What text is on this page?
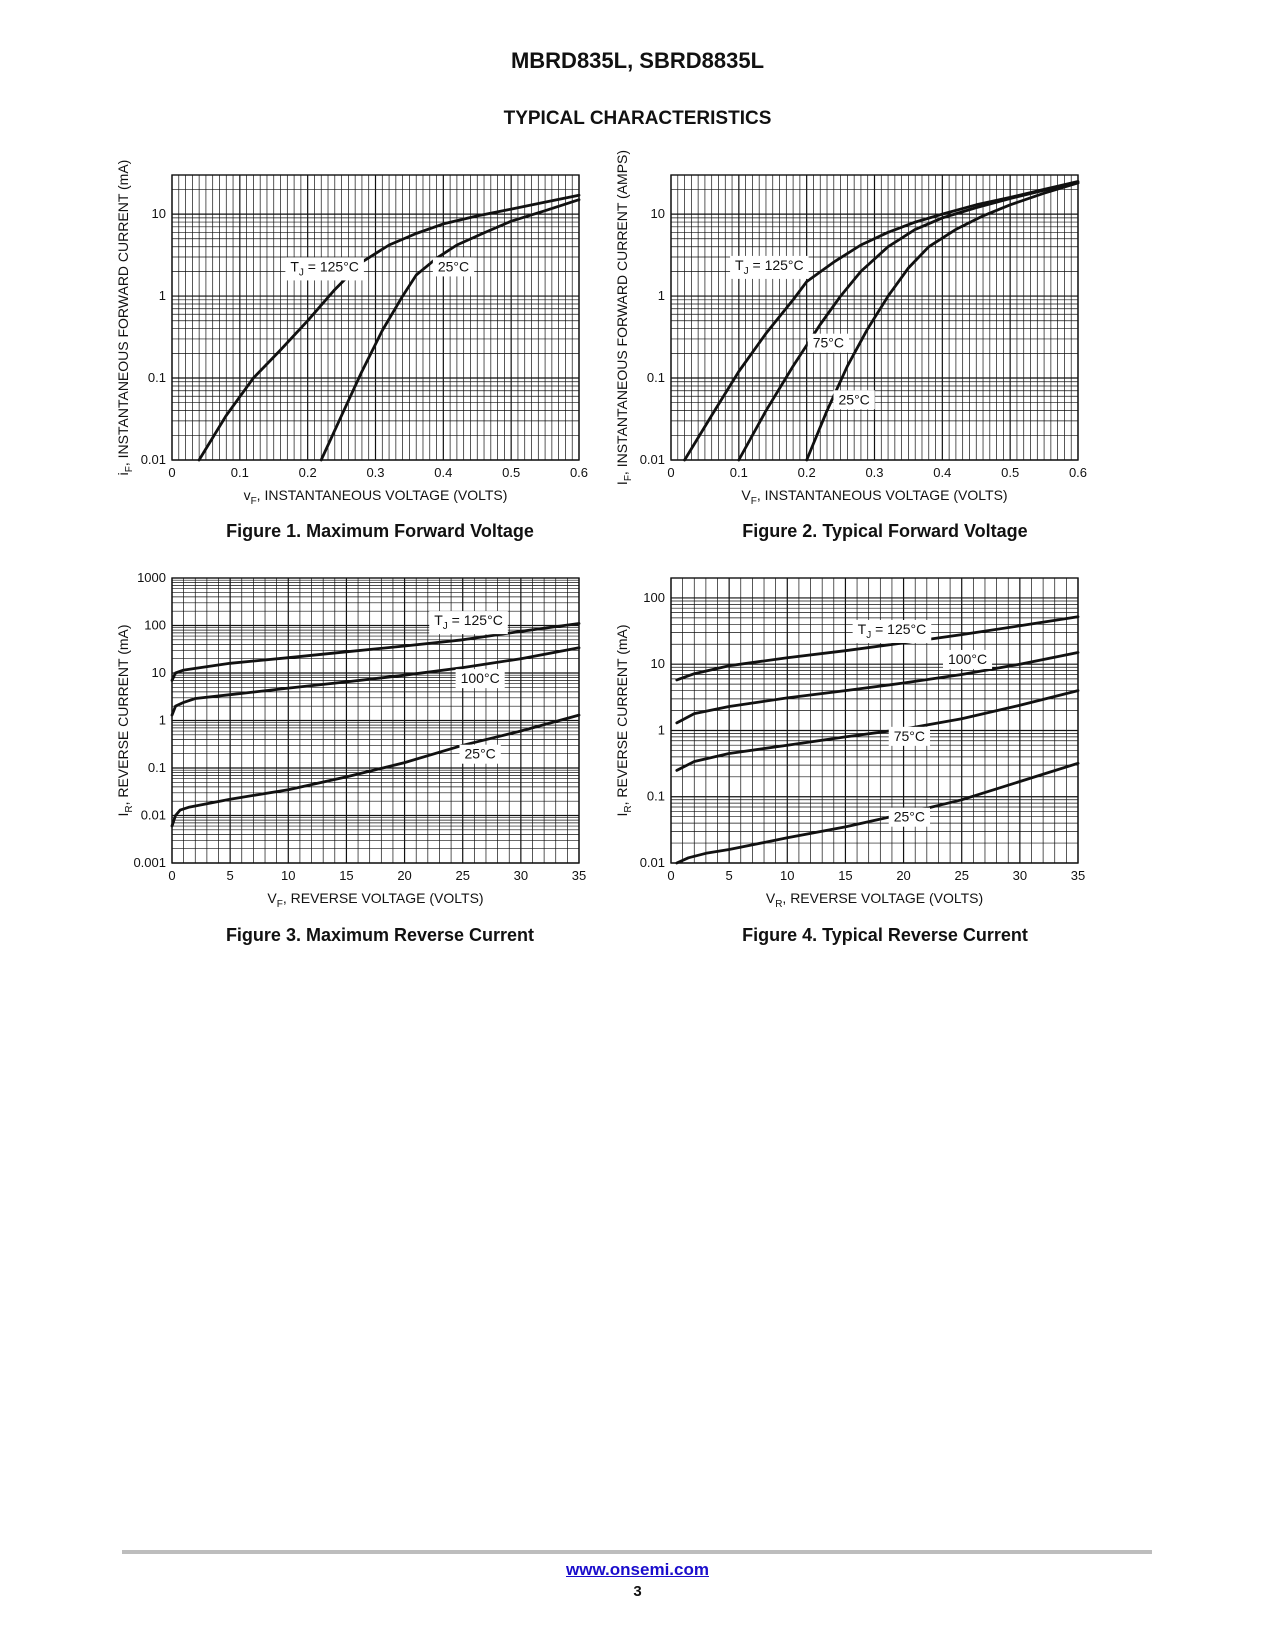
MBRD835L, SBRD8835L
TYPICAL CHARACTERISTICS
0	0.1	0.2	0.3	0.4	0.5	0.6
0.01
0.1
1
10
$v_F$, INSTANTANEOUS VOLTAGE (VOLTS)
$i_F$, INSTANTANEOUS FORWARD CURRENT (mA)	$T_J = 125^\circ C$	25°C
0	0.1	0.2	0.3	0.4	0.5	0.6
0.01
0.1
1
10
$V_F$, INSTANTANEOUS VOLTAGE (VOLTS)
$I_F$, INSTANTANEOUS FORWARD CURRENT (AMPS)	$T_J = 125^\circ C$
75°C
25°C
0	5	10	15	20	25	30	35
0.001
0.01
0.1
1
10
100
1000
$V_F$, REVERSE VOLTAGE (VOLTS)
$I_R$, REVERSE CURRENT (mA)
$T_J = 125^\circ C$
100°C
25°C
0	5	10	15	20	25	30	35
0.01
0.1
1
10
100
$V_R$, REVERSE VOLTAGE (VOLTS)
$I_R$, REVERSE CURRENT (mA)	$T_J = 125^\circ C$
100°C
75°C
25°C
Figure 1. Maximum Forward Voltage	Figure 2. Typical Forward Voltage
Figure 3. Maximum Reverse Current	Figure 4. Typical Reverse Current
www.onsemi.com
3
